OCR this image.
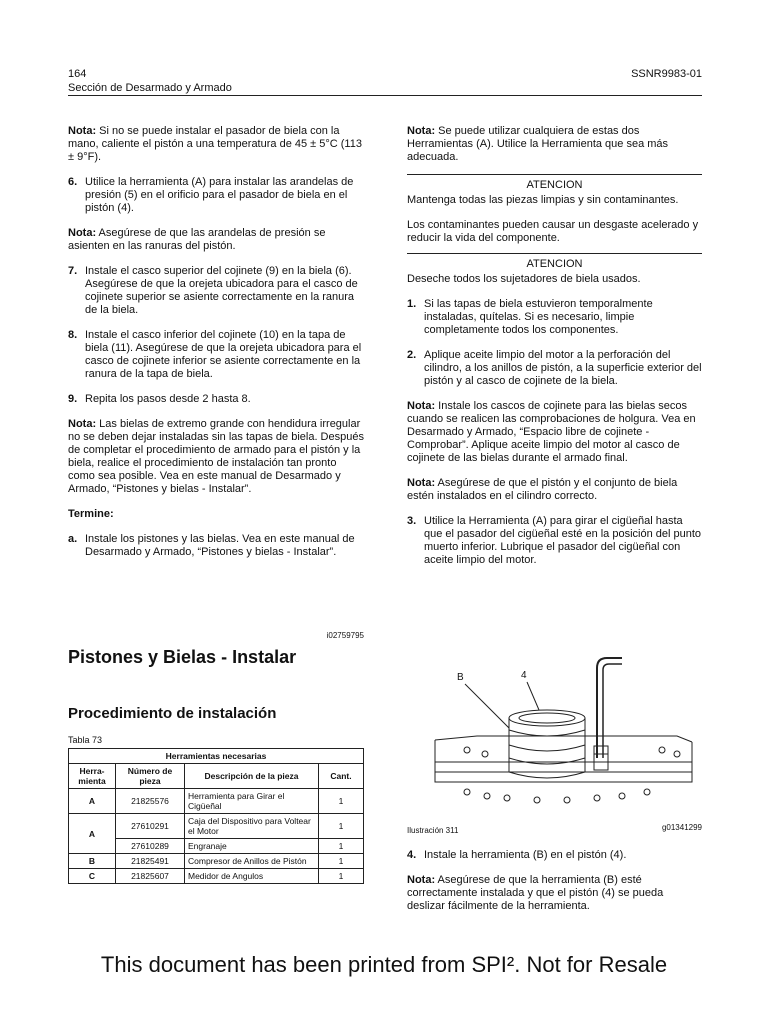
164
Sección de Desarmado y Armado
SSNR9983-01

Nota: Si no se puede instalar el pasador de biela con la mano, caliente el pistón a una temperatura de 45 ± 5°C (113 ± 9°F).

6.	Utilice la herramienta (A) para instalar las arandelas de presión (5) en el orificio para el pasador de biela en el pistón (4).

Nota: Asegúrese de que las arandelas de presión se asienten en las ranuras del pistón.

7.	Instale el casco superior del cojinete (9) en la biela (6). Asegúrese de que la orejeta ubicadora para el casco de cojinete superior se asiente correctamente en la ranura de la biela.
8.	Instale el casco inferior del cojinete (10) en la tapa de biela (11). Asegúrese de que la orejeta ubicadora para el casco de cojinete inferior se asiente correctamente en la ranura de la tapa de biela.
9.	Repita los pasos desde 2 hasta 8.

Nota: Las bielas de extremo grande con hendidura irregular no se deben dejar instaladas sin las tapas de biela. Después de completar el procedimiento de armado para el pistón y la biela, realice el procedimiento de instalación tan pronto como sea posible. Vea en este manual de Desarmado y Armado, “Pistones y bielas - Instalar”.

Termine:

a.	Instale los pistones y las bielas. Vea en este manual de Desarmado y Armado, “Pistones y bielas - Instalar”.
i02759795
Pistones y Bielas - Instalar
Procedimiento de instalación
Tabla 73
Herramientas necesarias			
Herra-
mienta	Número de pieza	Descripción de la pieza	Cant.
A	21825576	Herramienta para Girar el Cigüeñal	1
A	27610291	Caja del Dispositivo para Voltear el Motor	1
	27610289	Engranaje	1
B	21825491	Compresor de Anillos de Pistón	1
C	21825607	Medidor de Angulos	1

Nota: Se puede utilizar cualquiera de estas dos Herramientas (A). Utilice la Herramienta que sea más adecuada.

ATENCION

Mantenga todas las piezas limpias y sin contaminantes.

Los contaminantes pueden causar un desgaste acelerado y reducir la vida del componente.

ATENCION

Deseche todos los sujetadores de biela usados.

1.	Si las tapas de biela estuvieron temporalmente instaladas, quítelas. Si es necesario, limpie completamente todos los componentes.
2.	Aplique aceite limpio del motor a la perforación del cilindro, a los anillos de pistón, a la superficie exterior del pistón y al casco de cojinete de la biela.

Nota: Instale los cascos de cojinete para las bielas secos cuando se realicen las comprobaciones de holgura. Vea en Desarmado y Armado, “Espacio libre de cojinete - Comprobar”. Aplique aceite limpio del motor al casco de cojinete de las bielas durante el armado final.

Nota: Asegúrese de que el pistón y el conjunto de biela estén instalados en el cilindro correcto.

3.	Utilice la Herramienta (A) para girar el cigüeñal hasta que el pasador del cigüeñal esté en la posición del punto muerto inferior. Lubrique el pasador del cigüeñal con aceite limpio del motor.
B	4
Ilustración 311	g01341299
4.	Instale la herramienta (B) en el pistón (4).

Nota: Asegúrese de que la herramienta (B) esté correctamente instalada y que el pistón (4) se pueda deslizar fácilmente de la herramienta.

This document has been printed from SPI². Not for Resale
